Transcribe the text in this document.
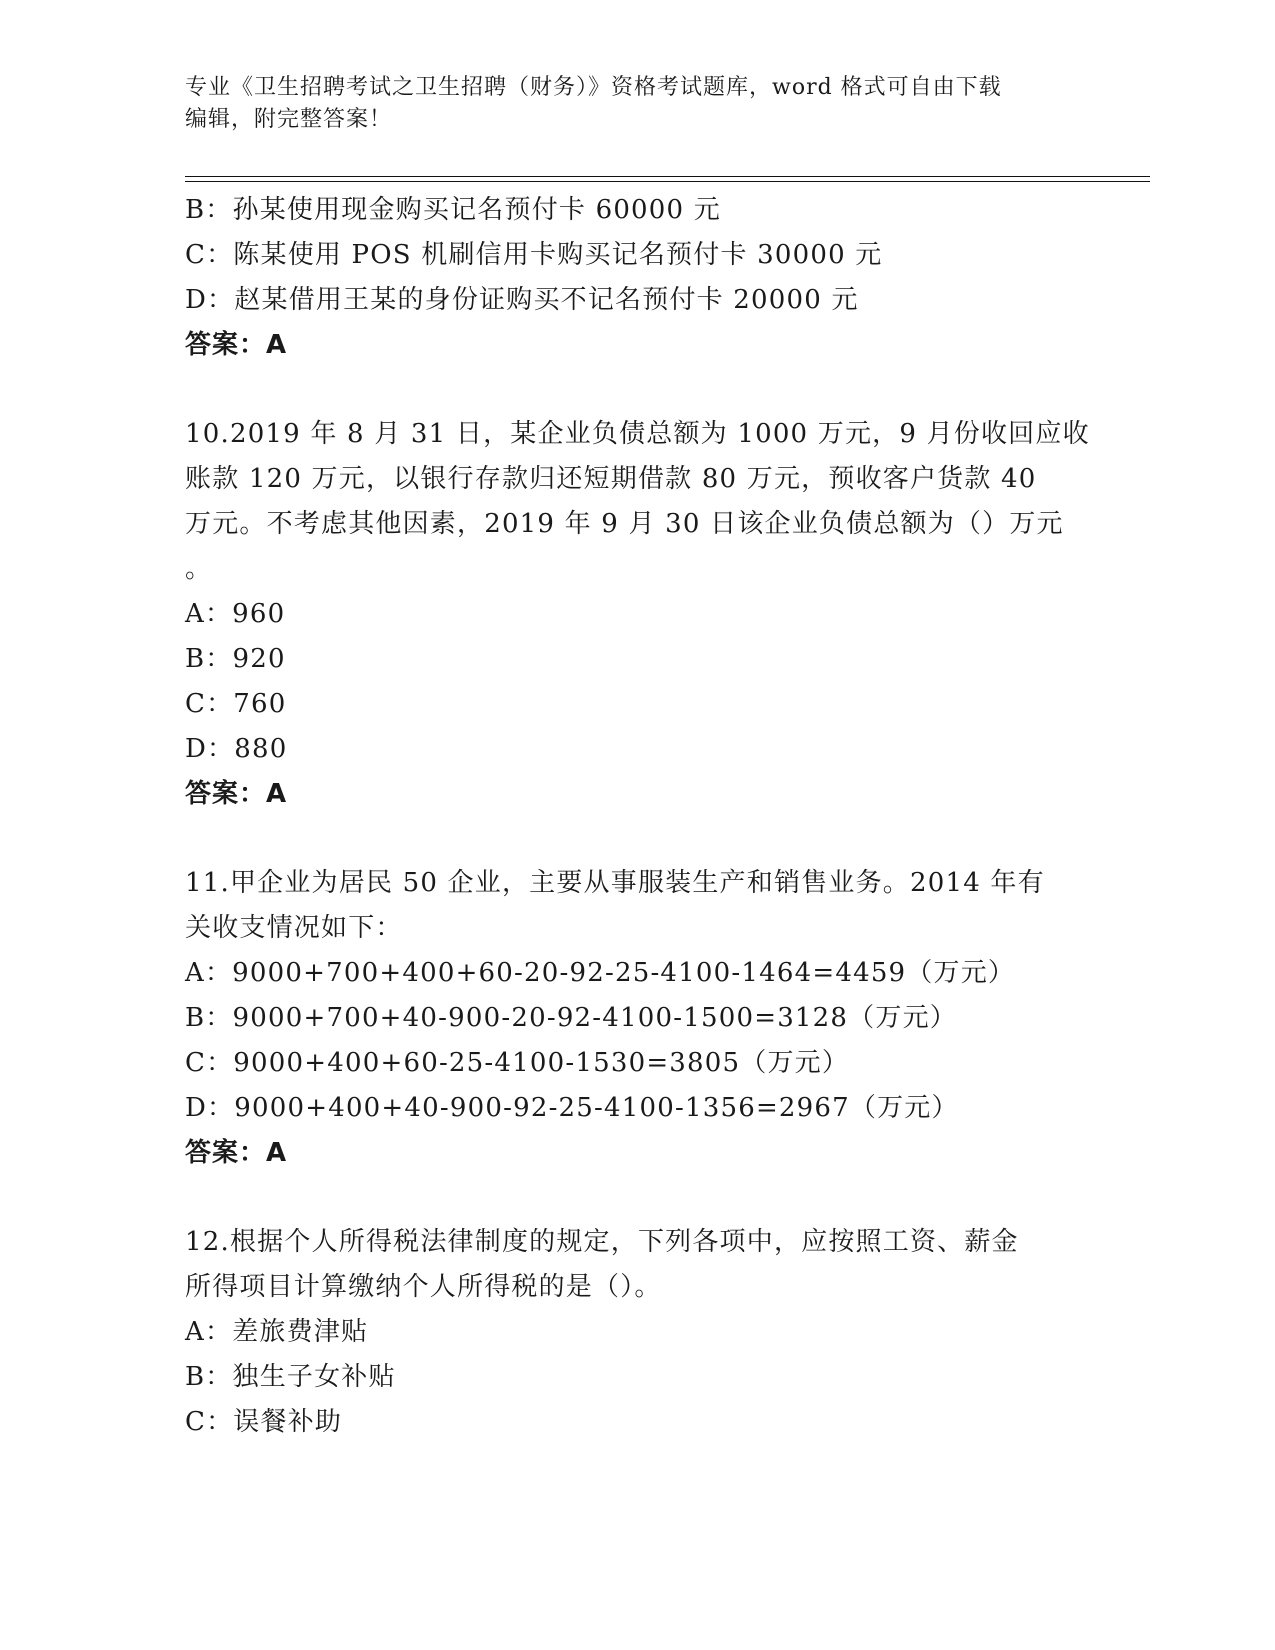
专业《卫生招聘考试之卫生招聘（财务）》资格考试题库，word 格式可自由下载
编辑，附完整答案！
B：孙某使用现金购买记名预付卡 60000 元
C：陈某使用 POS 机刷信用卡购买记名预付卡 30000 元
D：赵某借用王某的身份证购买不记名预付卡 20000 元
答案：A
10.2019 年 8 月 31 日，某企业负债总额为 1000 万元，9 月份收回应收
账款 120 万元，以银行存款归还短期借款 80 万元，预收客户货款 40
万元。不考虑其他因素，2019 年 9 月 30 日该企业负债总额为（）万元
。
A：960
B：920
C：760
D：880
答案：A
11.甲企业为居民 50 企业，主要从事服装生产和销售业务。2014 年有
关收支情况如下：
A：9000+700+400+60-20-92-25-4100-1464=4459（万元）
B：9000+700+40-900-20-92-4100-1500=3128（万元）
C：9000+400+60-25-4100-1530=3805（万元）
D：9000+400+40-900-92-25-4100-1356=2967（万元）
答案：A
12.根据个人所得税法律制度的规定，下列各项中，应按照工资、薪金
所得项目计算缴纳个人所得税的是（）。
A：差旅费津贴
B：独生子女补贴
C：误餐补助
